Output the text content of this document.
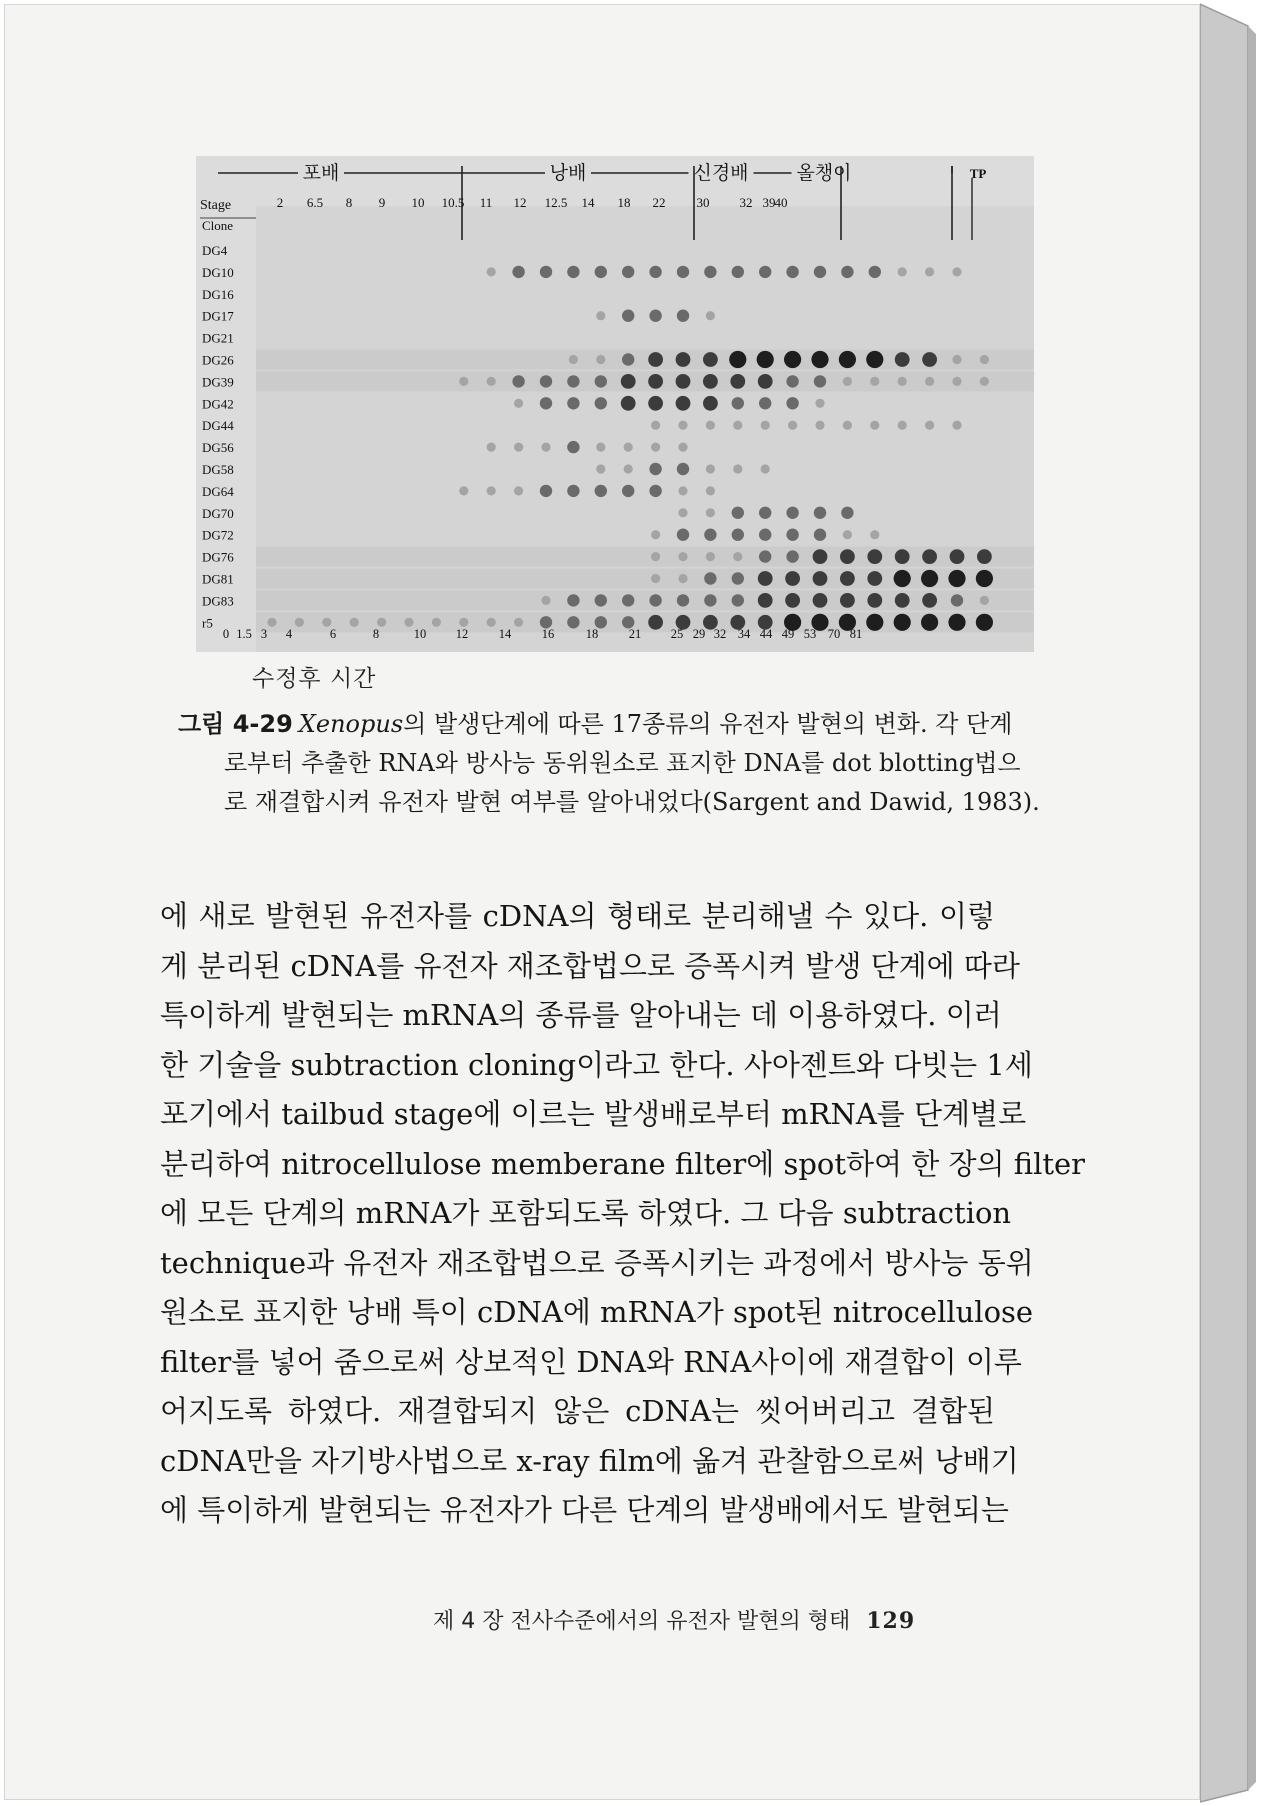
포배	낭배	신경배	올챙이	TP
Stage	2 6.5 8 9 10 10.5 11 12 12.5 14 18 22 30 32 39 40
Clone
DG4
DG10
DG16
DG17
DG21
DG26
DG39
DG42
DG44
DG56
DG58
DG64
DG70
DG72
DG76
DG81
DG83
r5
0 1.5 3 4	6	8	10 12 14 16	18 21 25 29 32 34 44 49 53 70 81
수정후 시간
그림 4-29 Xenopus의 발생단계에 따른 17종류의 유전자 발현의 변화. 각 단계
로부터 추출한 RNA와 방사능 동위원소로 표지한 DNA를 dot blotting법으
로 재결합시켜 유전자 발현 여부를 알아내었다(Sargent and Dawid, 1983).
에 새로 발현된 유전자를 cDNA의 형태로 분리해낼 수 있다. 이렇
게 분리된 cDNA를 유전자 재조합법으로 증폭시켜 발생 단계에 따라
특이하게 발현되는 mRNA의 종류를 알아내는 데 이용하였다. 이러
한 기술을 subtraction cloning이라고 한다. 사아젠트와 다빗는 1세
포기에서 tailbud stage에 이르는 발생배로부터 mRNA를 단계별로
분리하여 nitrocellulose memberane filter에 spot하여 한 장의 filter
에 모든 단계의 mRNA가 포함되도록 하였다. 그 다음 subtraction
technique과 유전자 재조합법으로 증폭시키는 과정에서 방사능 동위
원소로 표지한 낭배 특이 cDNA에 mRNA가 spot된 nitrocellulose
filter를 넣어 줌으로써 상보적인 DNA와 RNA사이에 재결합이 이루
어지도록 하였다. 재결합되지 않은 cDNA는 씻어버리고 결합된
cDNA만을 자기방사법으로 x-ray film에 옮겨 관찰함으로써 낭배기
에 특이하게 발현되는 유전자가 다른 단계의 발생배에서도 발현되는
제 4 장 전사수준에서의 유전자 발현의 형태 129
